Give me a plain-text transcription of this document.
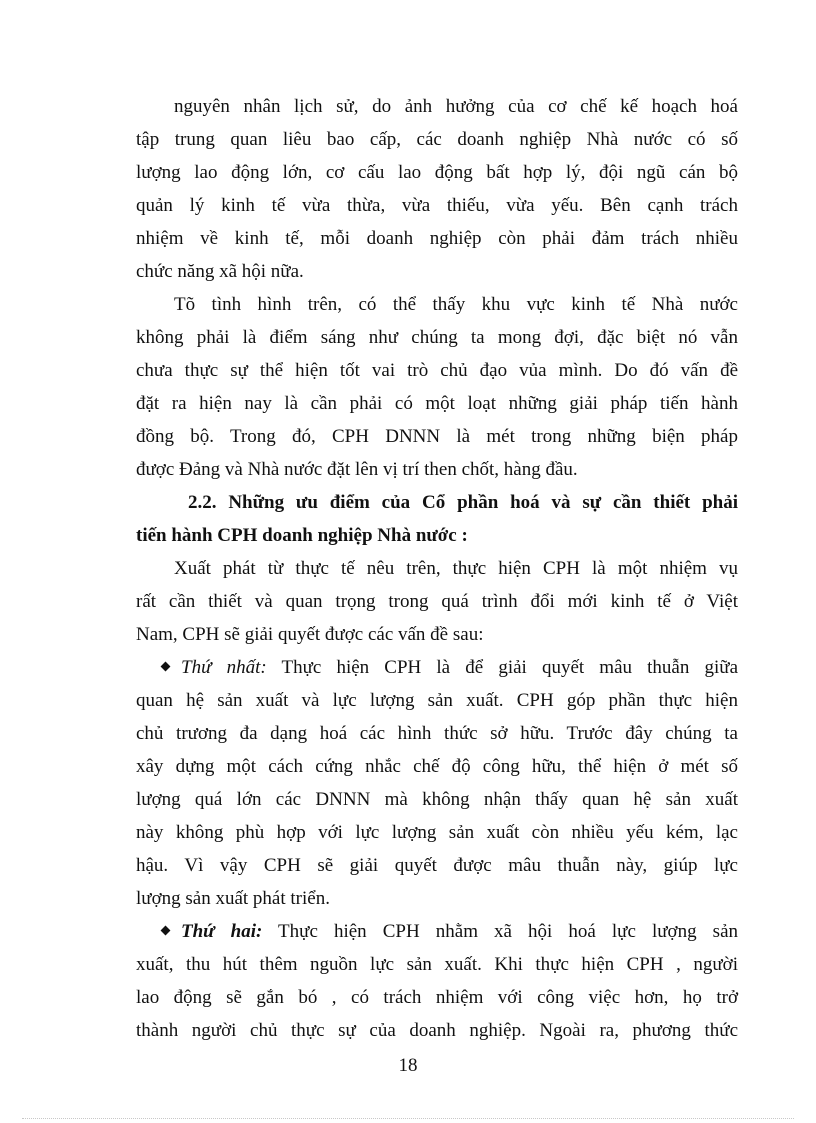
nguyên nhân lịch sử, do ảnh hưởng của cơ chế kế hoạch hoá
tập trung quan liêu bao cấp, các doanh nghiệp Nhà nước có số
lượng lao động lớn, cơ cấu lao động bất hợp lý, đội ngũ cán bộ
quản lý kinh tế vừa thừa, vừa thiếu, vừa yếu. Bên cạnh trách
nhiệm về kinh tế, mỗi doanh nghiệp còn phải đảm trách nhiều
chức năng xã hội nữa.
Tõ tình hình trên, có thể thấy khu vực kinh tế Nhà nước
không phải là điểm sáng như chúng ta mong đợi, đặc biệt nó vẫn
chưa thực sự thể hiện tốt vai trò chủ đạo vủa mình. Do đó vấn đề
đặt ra hiện nay là cần phải có một loạt những giải pháp tiến hành
đồng bộ. Trong đó, CPH DNNN là mét trong những biện pháp
được Đảng và Nhà nước đặt lên vị trí then chốt, hàng đầu.
2.2. Những ưu điểm của Cổ phần hoá và sự cần thiết phải
tiến hành CPH doanh nghiệp Nhà nước :
Xuất phát từ thực tế nêu trên, thực hiện CPH là một nhiệm vụ
rất cần thiết và quan trọng trong quá trình đổi mới kinh tế ở Việt
Nam, CPH sẽ giải quyết được các vấn đề sau:
Thứ nhất: Thực hiện CPH là để giải quyết mâu thuẫn giữa
quan hệ sản xuất và lực lượng sản xuất. CPH góp phần thực hiện
chủ trương đa dạng hoá các hình thức sở hữu. Trước đây chúng ta
xây dựng một cách cứng nhắc chế độ công hữu, thể hiện ở mét số
lượng quá lớn các DNNN mà không nhận thấy quan hệ sản xuất
này không phù hợp với lực lượng sản xuất còn nhiều yếu kém, lạc
hậu. Vì vậy CPH sẽ giải quyết được mâu thuẫn này, giúp lực
lượng sản xuất phát triển.
Thứ hai: Thực hiện CPH nhằm xã hội hoá lực lượng sản
xuất, thu hút thêm nguồn lực sản xuất. Khi thực hiện CPH , người
lao động sẽ gắn bó , có trách nhiệm với công việc hơn, họ trở
thành người chủ thực sự của doanh nghiệp. Ngoài ra, phương thức
18
